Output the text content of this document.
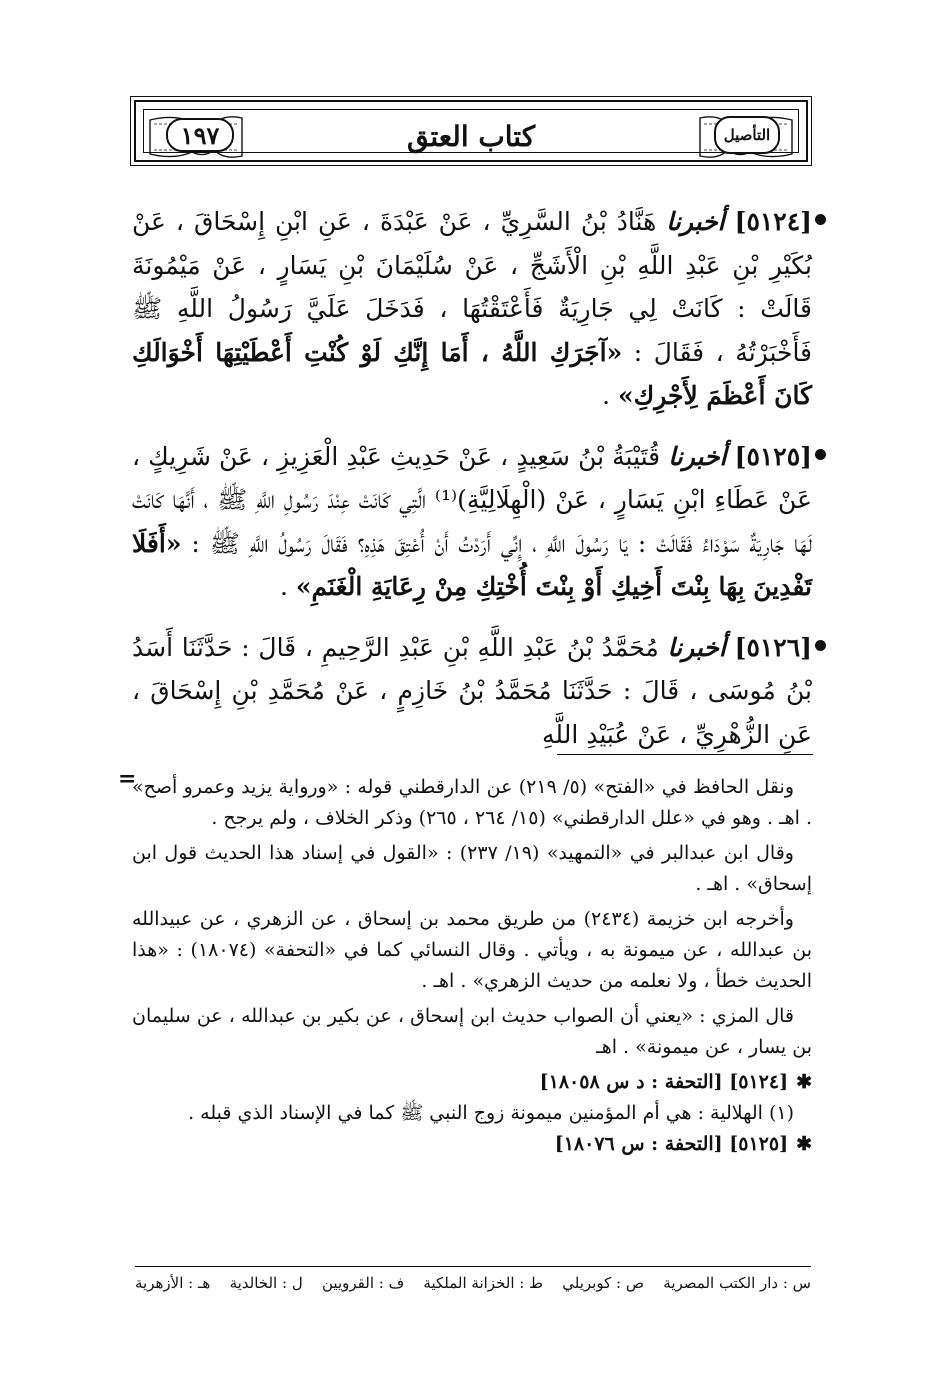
التأصيل
كتاب العتق
١٩٧

[٥١٢٤] أخبرنا هَنَّادُ بْنُ السَّرِيِّ ، عَنْ عَبْدَةَ ، عَنِ ابْنِ إِسْحَاقَ ، عَنْ بُكَيْرِ بْنِ عَبْدِ اللَّهِ بْنِ الْأَشَجِّ ، عَنْ سُلَيْمَانَ بْنِ يَسَارٍ ، عَنْ مَيْمُونَةَ قَالَتْ : كَانَتْ لِي جَارِيَةٌ فَأَعْتَقْتُهَا ، فَدَخَلَ عَلَيَّ رَسُولُ اللَّهِ ﷺ فَأَخْبَرْتُهُ ، فَقَالَ : «آجَرَكِ اللَّهُ ، أَمَا إِنَّكِ لَوْ كُنْتِ أَعْطَيْتِهَا أَخْوَالَكِ كَانَ أَعْظَمَ لِأَجْرِكِ» .

[٥١٢٥] أخبرنا قُتَيْبَةُ بْنُ سَعِيدٍ ، عَنْ حَدِيثِ عَبْدِ الْعَزِيزِ ، عَنْ شَرِيكٍ ، عَنْ عَطَاءِ ابْنِ يَسَارٍ ، عَنْ (الْهِلَالِيَّةِ)⁽¹⁾ الَّتِي كَانَتْ عِنْدَ رَسُولِ اللَّهِ ﷺ ، أَنَّهَا كَانَتْ لَهَا جَارِيَةٌ سَوْدَاءُ فَقَالَتْ : يَا رَسُولَ اللَّهِ ، إِنِّي أَرَدْتُ أَنْ أُعْتِقَ هَذِهِ؟ فَقَالَ رَسُولُ اللَّهِ ﷺ : «أَفَلَا تَفْدِينَ بِهَا بِنْتَ أَخِيكِ أَوْ بِنْتَ أُخْتِكِ مِنْ رِعَايَةِ الْغَنَمِ» .

[٥١٢٦] أخبرنا مُحَمَّدُ بْنُ عَبْدِ اللَّهِ بْنِ عَبْدِ الرَّحِيمِ ، قَالَ : حَدَّثَنَا أَسَدُ بْنُ مُوسَى ، قَالَ : حَدَّثَنَا مُحَمَّدُ بْنُ خَازِمٍ ، عَنْ مُحَمَّدِ بْنِ إِسْحَاقَ ، عَنِ الزُّهْرِيِّ ، عَنْ عُبَيْدِ اللَّهِ

=

ونقل الحافظ في «الفتح» (٥/ ٢١٩) عن الدارقطني قوله : «ورواية يزيد وعمرو أصح» . اهـ . وهو في «علل الدارقطني» (١٥/ ٢٦٤ ، ٢٦٥) وذكر الخلاف ، ولم يرجح .

وقال ابن عبدالبر في «التمهيد» (١٩/ ٢٣٧) : «القول في إسناد هذا الحديث قول ابن إسحاق» . اهـ .

وأخرجه ابن خزيمة (٢٤٣٤) من طريق محمد بن إسحاق ، عن الزهري ، عن عبيدالله بن عبدالله ، عن ميمونة به ، ويأتي . وقال النسائي كما في «التحفة» (١٨٠٧٤) : «هذا الحديث خطأ ، ولا نعلمه من حديث الزهري» . اهـ .

قال المزي : «يعني أن الصواب حديث ابن إسحاق ، عن بكير بن عبدالله ، عن سليمان بن يسار ، عن ميمونة» . اهـ

✱[٥١٢٤] [التحفة : د س ١٨٠٥٨]

(١) الهلالية : هي أم المؤمنين ميمونة زوج النبي ﷺ كما في الإسناد الذي قبله .

✱[٥١٢٥] [التحفة : س ١٨٠٧٦]

س : دار الكتب المصرية
ص : كوبريلي
ط : الخزانة الملكية
ف : القرويين
ل : الخالدية
هـ : الأزهرية
